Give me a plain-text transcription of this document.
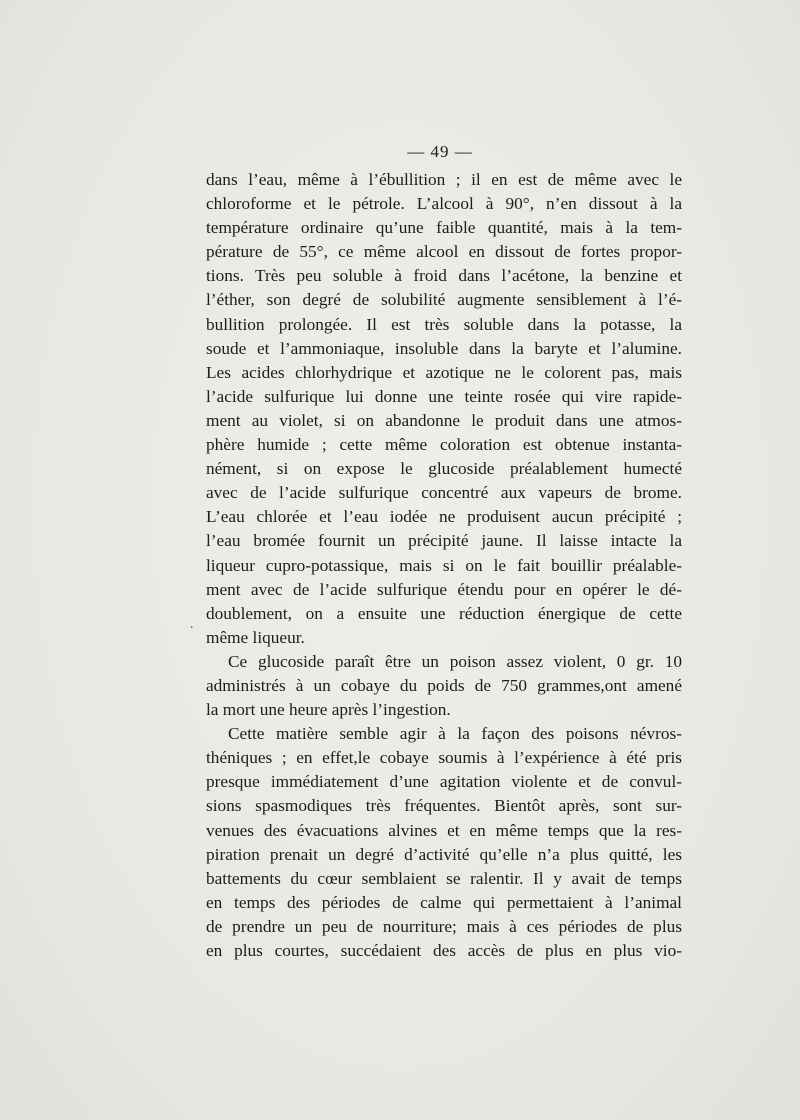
— 49 —
dans l’eau, même à l’ébullition ; il en est de même avec le
chloroforme et le pétrole. L’alcool à 90°, n’en dissout à la
température ordinaire qu’une faible quantité, mais à la tem-
pérature de 55°, ce même alcool en dissout de fortes propor-
tions. Très peu soluble à froid dans l’acétone, la benzine et
l’éther, son degré de solubilité augmente sensiblement à l’é-
bullition prolongée. Il est très soluble dans la potasse, la
soude et l’ammoniaque, insoluble dans la baryte et l’alumine.
Les acides chlorhydrique et azotique ne le colorent pas, mais
l’acide sulfurique lui donne une teinte rosée qui vire rapide-
ment au violet, si on abandonne le produit dans une atmos-
phère humide ; cette même coloration est obtenue instanta-
nément, si on expose le glucoside préalablement humecté
avec de l’acide sulfurique concentré aux vapeurs de brome.
L’eau chlorée et l’eau iodée ne produisent aucun précipité ;
l’eau bromée fournit un précipité jaune. Il laisse intacte la
liqueur cupro-potassique, mais si on le fait bouillir préalable-
ment avec de l’acide sulfurique étendu pour en opérer le dé-
doublement, on a ensuite une réduction énergique de cette
même liqueur.
Ce glucoside paraît être un poison assez violent, 0 gr. 10
administrés à un cobaye du poids de 750 grammes,ont amené
la mort une heure après l’ingestion.
Cette matière semble agir à la façon des poisons névros-
théniques ; en effet,le cobaye soumis à l’expérience à été pris
presque immédiatement d’une agitation violente et de convul-
sions spasmodiques très fréquentes. Bientôt après, sont sur-
venues des évacuations alvines et en même temps que la res-
piration prenait un degré d’activité qu’elle n’a plus quitté, les
battements du cœur semblaient se ralentir. Il y avait de temps
en temps des périodes de calme qui permettaient à l’animal
de prendre un peu de nourriture; mais à ces périodes de plus
en plus courtes, succédaient des accès de plus en plus vio-
.
